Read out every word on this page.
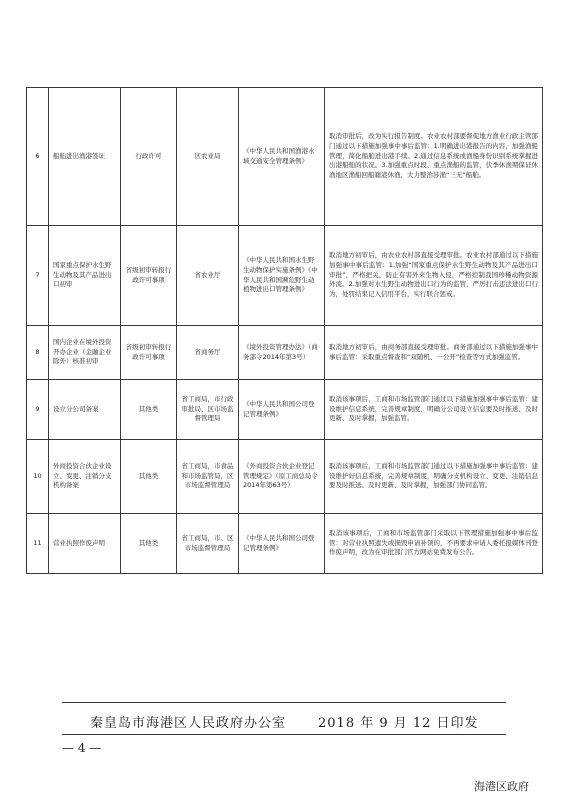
6	船舶进出渔港签证	行政许可	区农业局	《中华人民共和国渔港水域交通安全管理条例》	取消审批后，改为实行报告制度。农业农村部要督促地方渔业行政主管部门通过以下措施加强事中事后监管：1.明确进出港报告的内容，加强渔船管理，简化船舶进出港手续。2.通过信息系统或渔船身份识别系统掌握进出港船舶的状况。3.加强重点时段、重点渔船的监管，伏季休渔期保证休渔地区渔船回船籍港休渔，大力整治涉渔“三无”船舶。
7	国家重点保护水生野生动物及其产品进出口初审	省级初审转报行政许可事项	省农业厅	《中华人民共和国水生野生动物保护实施条例》《中华人民共和国濒危野生动植物进出口管理条例》	取消地方初审后，由农业农村部直接受理审批。农业农村部通过以下措施加强事中事后监管：1.加强“国家重点保护水生野生动物及其产品进出口审批”，严格把关，防止有害外来生物入侵，严格控制我国珍稀动物资源外流。2.加强对水生野生动物进出口行为的监管，严厉打击违法进出口行为，处罚结果记入信用平台，实行联合惩戒。
8	国内企业在境外投资开办企业（金融企业除外）核准初审	省级初审转报行政许可事项	省商务厅	《境外投资管理办法》（商务部令2014年第3号）	取消地方初审后，由商务部直接受理审批。商务部通过以下措施加强事中事后监管：采取重点督查和“双随机、一公开”检查等方式加强监管。
9	设立分公司备案	其他类	省工商局，市行政审批局、区市场监督管理局	《中华人民共和国公司登记管理条例》	取消该事项后，工商和市场监管部门通过以下措施加强事中事后监管：建设维护信息系统，完善规章制度，明确分公司设立信息要及时推送、及时更新、及时掌握，加强监管。
10	外商投资合伙企业设立、变更、注销分支机构备案	其他类	省工商局，市食品和市场监管局，区市场监督管理局	《外商投资合伙企业登记管理规定》（原工商总局令2014年第63号）	取消该事项后，工商和市场监管部门通过以下措施加强事中事后监管：建设维护好信息系统，完善规章制度，明确分支机构设立、变更、注销信息要及时推送、及时更新、及时掌握，加强部门协同监管。
11	营业执照作废声明	其他类	省工商局，市、区市场监督管理局	《中华人民共和国公司登记管理条例》	取消该事项后，工商和市场监管部门采取以下管理措施加强事中事后监管：对营业执照遗失或损毁申请补领的，不再要求申请人委托报媒体刊登作废声明，改为在审批部门官方网站免费发布公告。
秦皇岛市海港区人民政府办公室 2018 年 9 月 12 日印发
— 4 —
海港区政府
